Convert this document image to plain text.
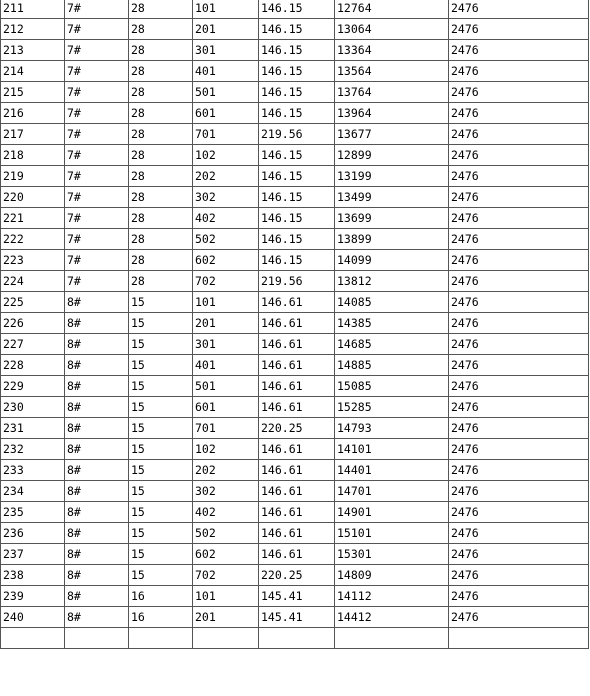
211	7#	28	101	146.15	12764	2476
212	7#	28	201	146.15	13064	2476
213	7#	28	301	146.15	13364	2476
214	7#	28	401	146.15	13564	2476
215	7#	28	501	146.15	13764	2476
216	7#	28	601	146.15	13964	2476
217	7#	28	701	219.56	13677	2476
218	7#	28	102	146.15	12899	2476
219	7#	28	202	146.15	13199	2476
220	7#	28	302	146.15	13499	2476
221	7#	28	402	146.15	13699	2476
222	7#	28	502	146.15	13899	2476
223	7#	28	602	146.15	14099	2476
224	7#	28	702	219.56	13812	2476
225	8#	15	101	146.61	14085	2476
226	8#	15	201	146.61	14385	2476
227	8#	15	301	146.61	14685	2476
228	8#	15	401	146.61	14885	2476
229	8#	15	501	146.61	15085	2476
230	8#	15	601	146.61	15285	2476
231	8#	15	701	220.25	14793	2476
232	8#	15	102	146.61	14101	2476
233	8#	15	202	146.61	14401	2476
234	8#	15	302	146.61	14701	2476
235	8#	15	402	146.61	14901	2476
236	8#	15	502	146.61	15101	2476
237	8#	15	602	146.61	15301	2476
238	8#	15	702	220.25	14809	2476
239	8#	16	101	145.41	14112	2476
240	8#	16	201	145.41	14412	2476
